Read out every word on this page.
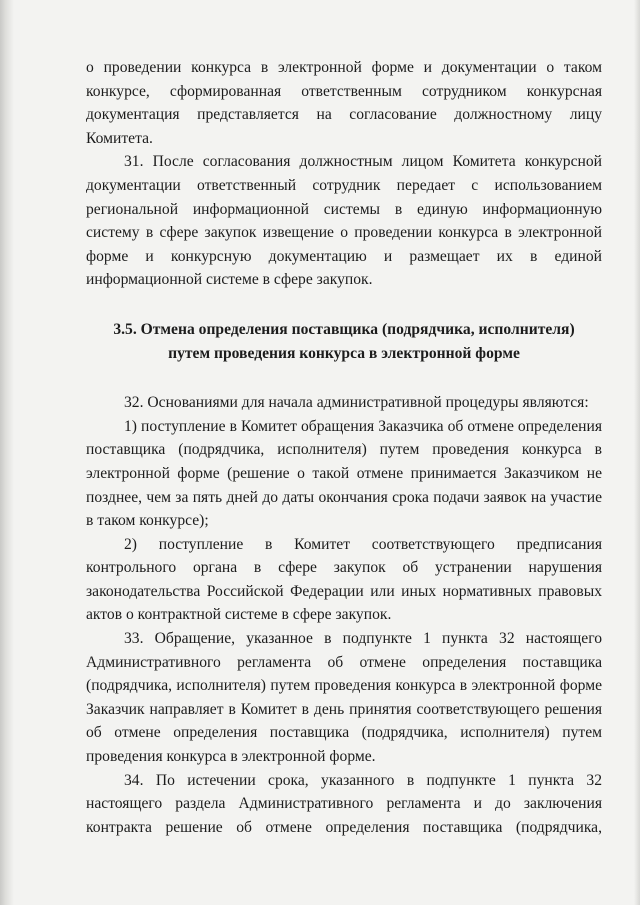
о проведении конкурса в электронной форме и документации о таком конкурсе, сформированная ответственным сотрудником конкурсная документация представляется на согласование должностному лицу Комитета.

31. После согласования должностным лицом Комитета конкурсной документации ответственный сотрудник передает с использованием региональной информационной системы в единую информационную систему в сфере закупок извещение о проведении конкурса в электронной форме и конкурсную документацию и размещает их в единой информационной системе в сфере закупок.

3.5. Отмена определения поставщика (подрядчика, исполнителя)
путем проведения конкурса в электронной форме

32. Основаниями для начала административной процедуры являются:

1) поступление в Комитет обращения Заказчика об отмене определения поставщика (подрядчика, исполнителя) путем проведения конкурса в электронной форме (решение о такой отмене принимается Заказчиком не позднее, чем за пять дней до даты окончания срока подачи заявок на участие в таком конкурсе);

2) поступление в Комитет соответствующего предписания контрольного органа в сфере закупок об устранении нарушения законодательства Российской Федерации или иных нормативных правовых актов о контрактной системе в сфере закупок.

33. Обращение, указанное в подпункте 1 пункта 32 настоящего Административного регламента об отмене определения поставщика (подрядчика, исполнителя) путем проведения конкурса в электронной форме Заказчик направляет в Комитет в день принятия соответствующего решения об отмене определения поставщика (подрядчика, исполнителя) путем проведения конкурса в электронной форме.

34. По истечении срока, указанного в подпункте 1 пункта 32 настоящего раздела Административного регламента и до заключения контракта решение об отмене определения поставщика (подрядчика,
